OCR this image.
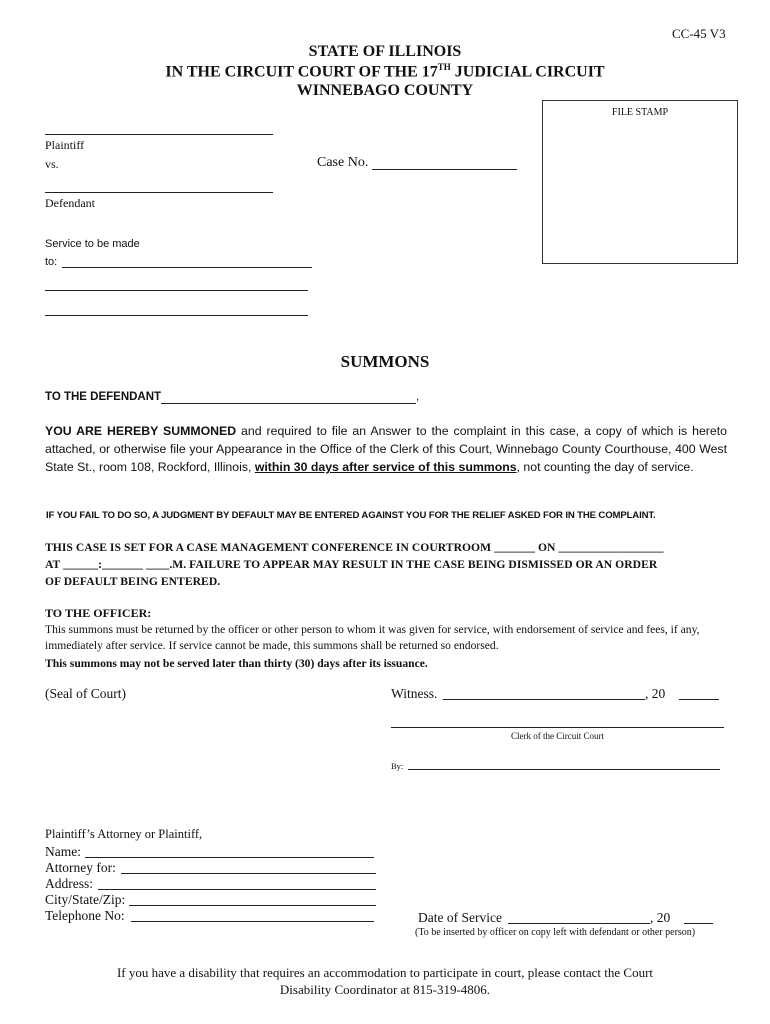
CC-45 V3
STATE OF ILLINOIS
IN THE CIRCUIT COURT OF THE 17TH JUDICIAL CIRCUIT
WINNEBAGO COUNTY
FILE STAMP
Plaintiff
vs.	Case No.
Defendant
Service to be made
to:
SUMMONS
TO THE DEFENDANT	,
YOU ARE HEREBY SUMMONED and required to file an Answer to the complaint in this case, a copy of which is hereto attached, or otherwise file your Appearance in the Office of the Clerk of this Court, Winnebago County Courthouse, 400 West State St., room 108, Rockford, Illinois, within 30 days after service of this summons, not counting the day of service.
IF YOU FAIL TO DO SO, A JUDGMENT BY DEFAULT MAY BE ENTERED AGAINST YOU FOR THE RELIEF ASKED FOR IN THE COMPLAINT.
THIS CASE IS SET FOR A CASE MANAGEMENT CONFERENCE IN COURTROOM _______ ON __________________
AT ______:_______ ____.M. FAILURE TO APPEAR MAY RESULT IN THE CASE BEING DISMISSED OR AN ORDER
OF DEFAULT BEING ENTERED.
TO THE OFFICER:
This summons must be returned by the officer or other person to whom it was given for service, with endorsement of service and fees, if any, immediately after service. If service cannot be made, this summons shall be returned so endorsed.
This summons may not be served later than thirty (30) days after its issuance.
(Seal of Court)	Witness.	, 20
Clerk of the Circuit Court
By:
Plaintiff’s Attorney or Plaintiff,
Name:
Attorney for:
Address:
City/State/Zip:
Telephone No:	Date of Service	, 20
(To be inserted by officer on copy left with defendant or other person)
If you have a disability that requires an accommodation to participate in court, please contact the Court
Disability Coordinator at 815-319-4806.
